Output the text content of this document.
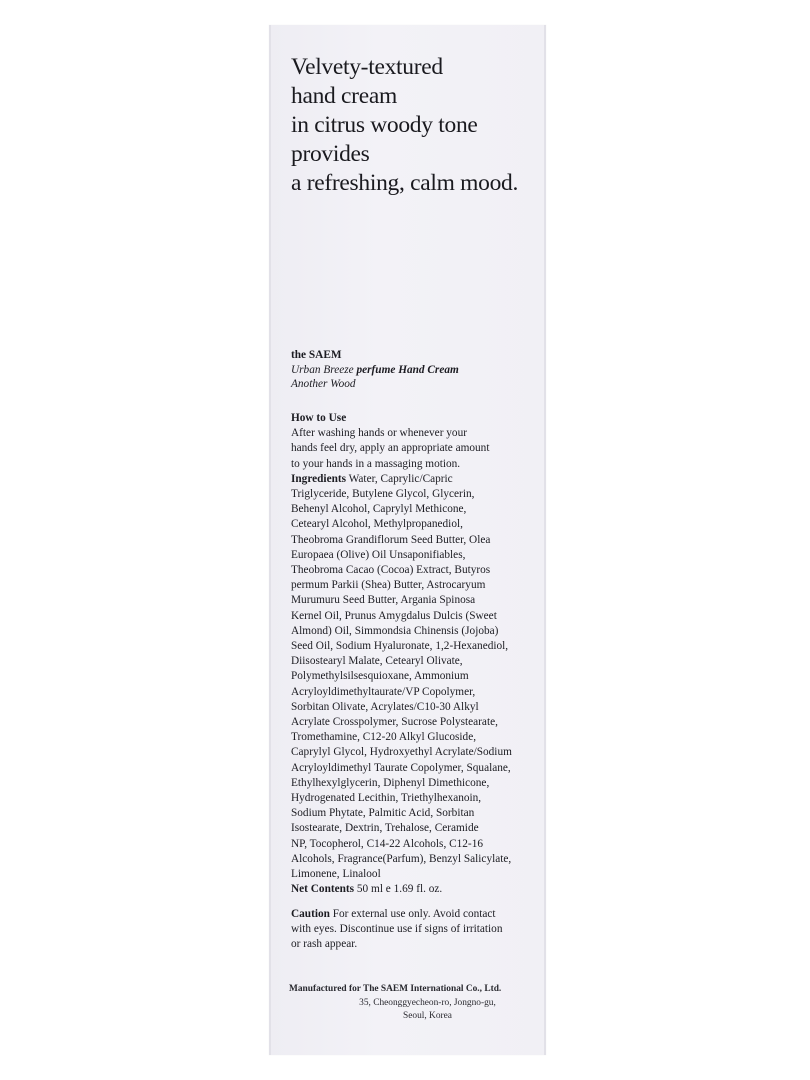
Velvety-textured
hand cream
in citrus woody tone
provides
a refreshing, calm mood.
the SAEM
Urban Breeze perfume Hand Cream
Another Wood
How to Use
After washing hands or whenever your
hands feel dry, apply an appropriate amount
to your hands in a massaging motion.
Ingredients Water, Caprylic/Capric
Triglyceride, Butylene Glycol, Glycerin,
Behenyl Alcohol, Caprylyl Methicone,
Cetearyl Alcohol, Methylpropanediol,
Theobroma Grandiflorum Seed Butter, Olea
Europaea (Olive) Oil Unsaponifiables,
Theobroma Cacao (Cocoa) Extract, Butyros
permum Parkii (Shea) Butter, Astrocaryum
Murumuru Seed Butter, Argania Spinosa
Kernel Oil, Prunus Amygdalus Dulcis (Sweet
Almond) Oil, Simmondsia Chinensis (Jojoba)
Seed Oil, Sodium Hyaluronate, 1,2-Hexanediol,
Diisostearyl Malate, Cetearyl Olivate,
Polymethylsilsesquioxane, Ammonium
Acryloyldimethyltaurate/VP Copolymer,
Sorbitan Olivate, Acrylates/C10-30 Alkyl
Acrylate Crosspolymer, Sucrose Polystearate,
Tromethamine, C12-20 Alkyl Glucoside,
Caprylyl Glycol, Hydroxyethyl Acrylate/Sodium
Acryloyldimethyl Taurate Copolymer, Squalane,
Ethylhexylglycerin, Diphenyl Dimethicone,
Hydrogenated Lecithin, Triethylhexanoin,
Sodium Phytate, Palmitic Acid, Sorbitan
Isostearate, Dextrin, Trehalose, Ceramide
NP, Tocopherol, C14-22 Alcohols, C12-16
Alcohols, Fragrance(Parfum), Benzyl Salicylate,
Limonene, Linalool
Net Contents 50 ml e 1.69 fl. oz.
Caution For external use only. Avoid contact
with eyes. Discontinue use if signs of irritation
or rash appear.
Manufactured for The SAEM International Co., Ltd.
35, Cheonggyecheon-ro, Jongno-gu,
Seoul, Korea
